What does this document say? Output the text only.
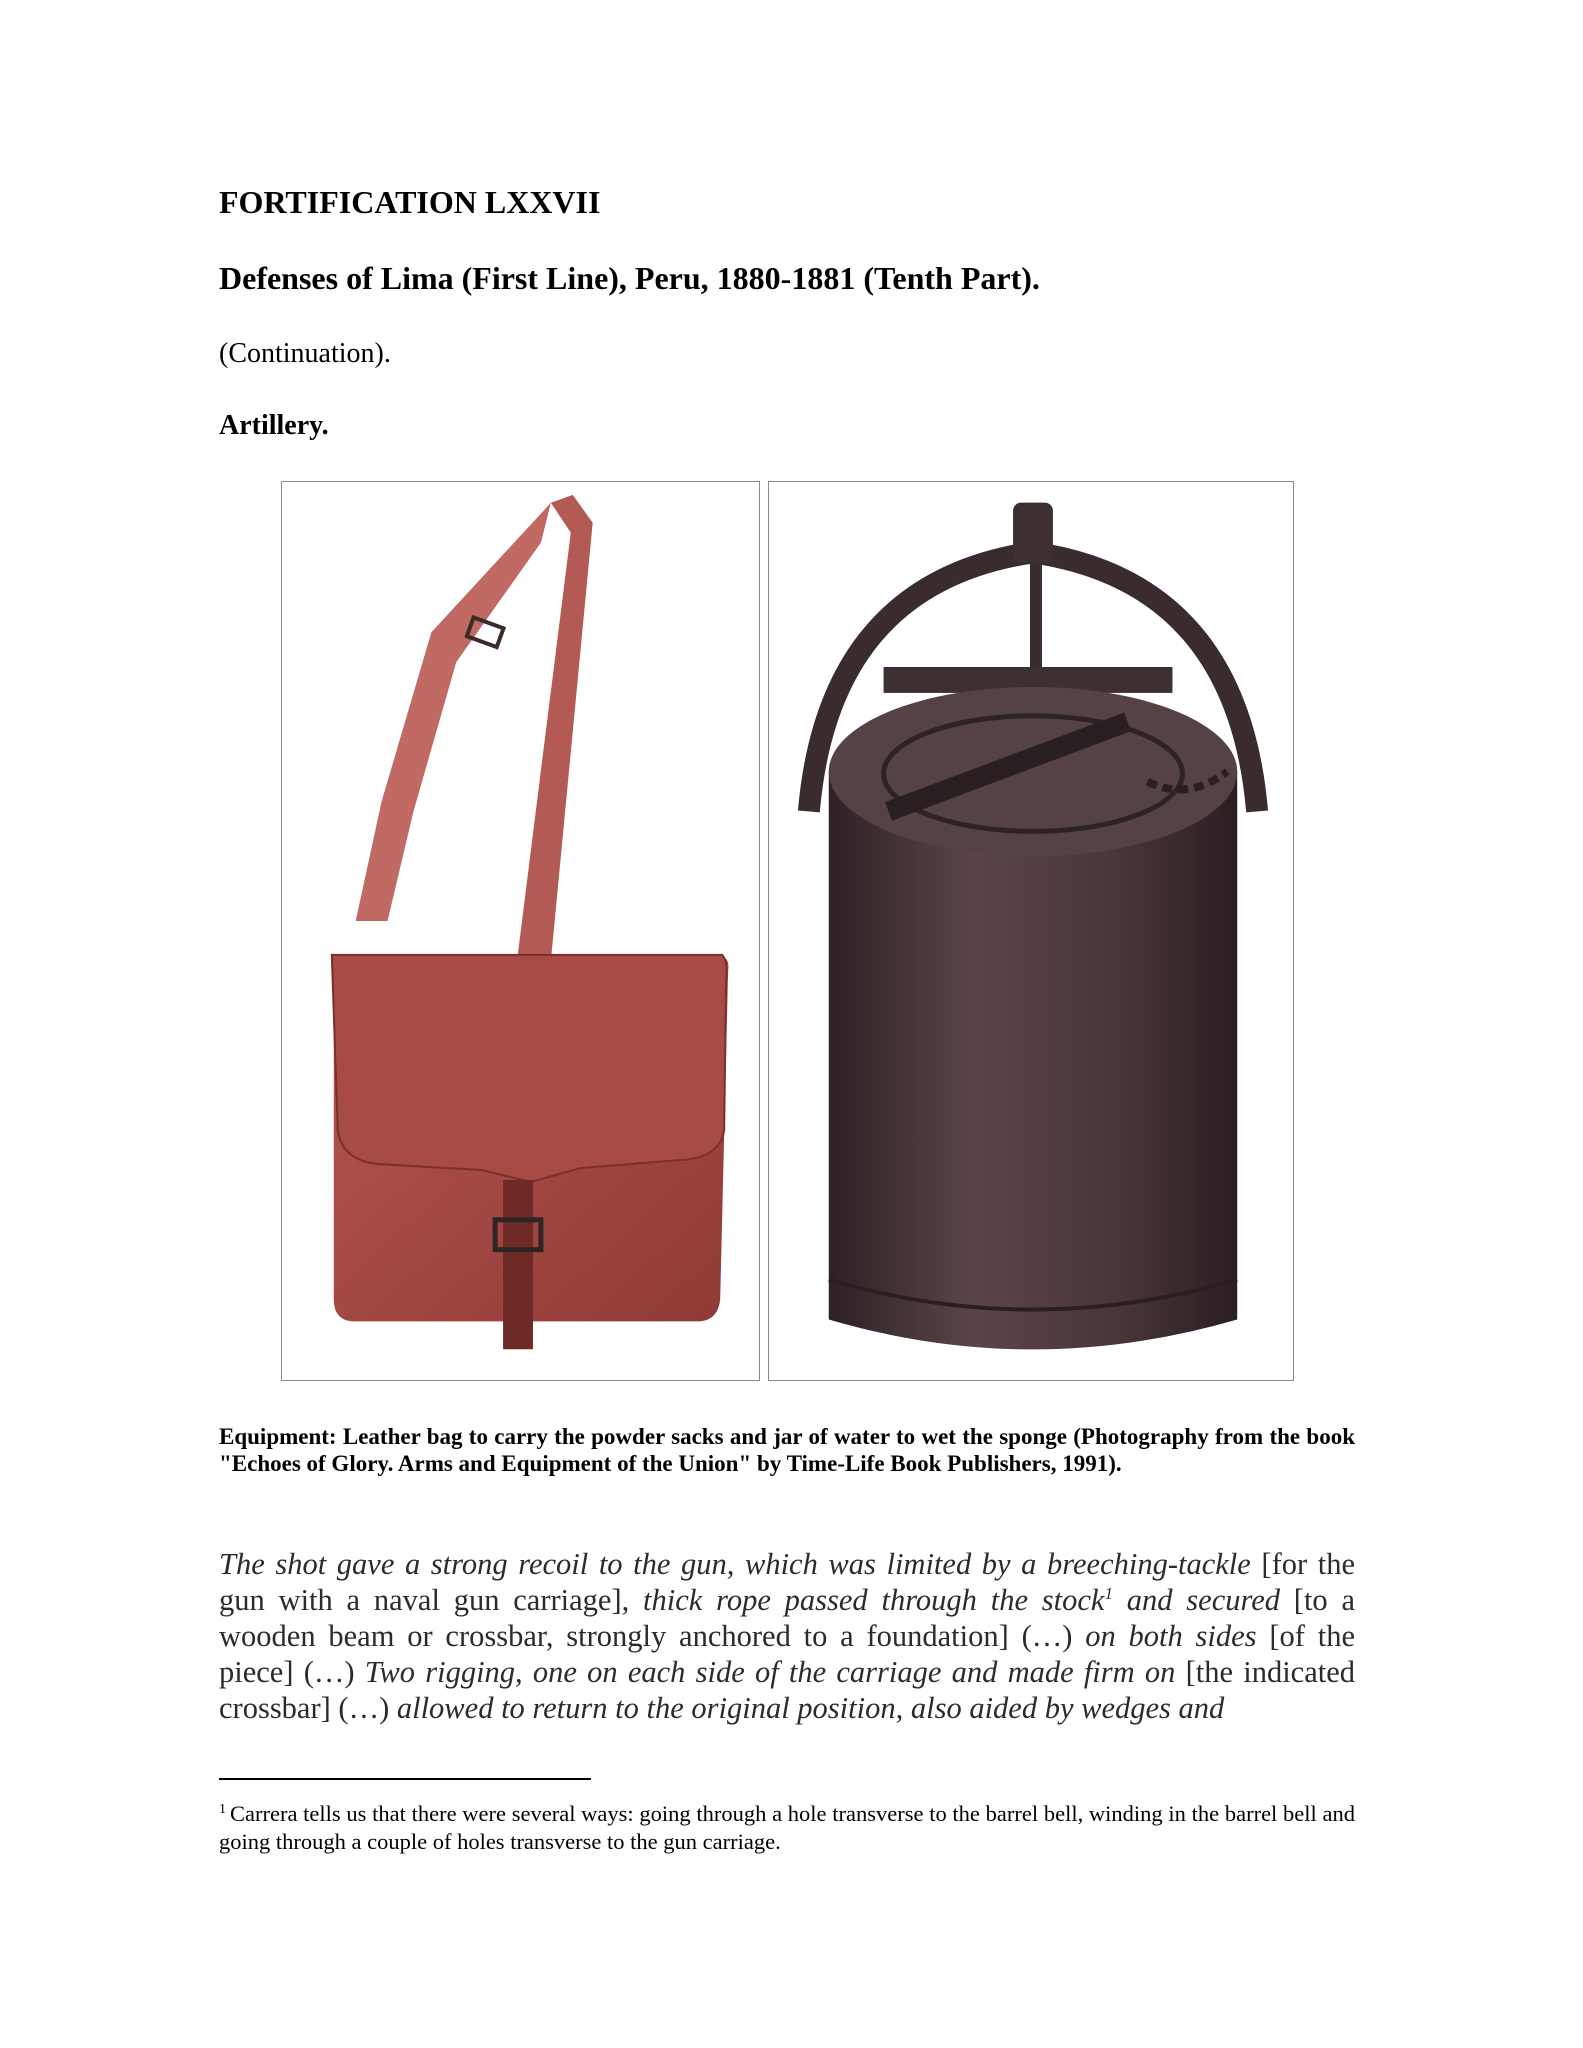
FORTIFICATION LXXVII
Defenses of Lima (First Line), Peru, 1880-1881 (Tenth Part).

(Continuation).

Artillery.

Equipment: Leather bag to carry the powder sacks and jar of water to wet the sponge (Photography from the book "Echoes of Glory. Arms and Equipment of the Union" by Time-Life Book Publishers, 1991).

The shot gave a strong recoil to the gun, which was limited by a breeching-tackle [for the gun with a naval gun carriage], thick rope passed through the stock$^1$ and secured [to a wooden beam or crossbar, strongly anchored to a foundation] (…) on both sides [of the piece] (…) Two rigging, one on each side of the carriage and made firm on [the indicated crossbar] (…) allowed to return to the original position, also aided by wedges and

$^1$ Carrera tells us that there were several ways: going through a hole transverse to the barrel bell, winding in the barrel bell and going through a couple of holes transverse to the gun carriage.
